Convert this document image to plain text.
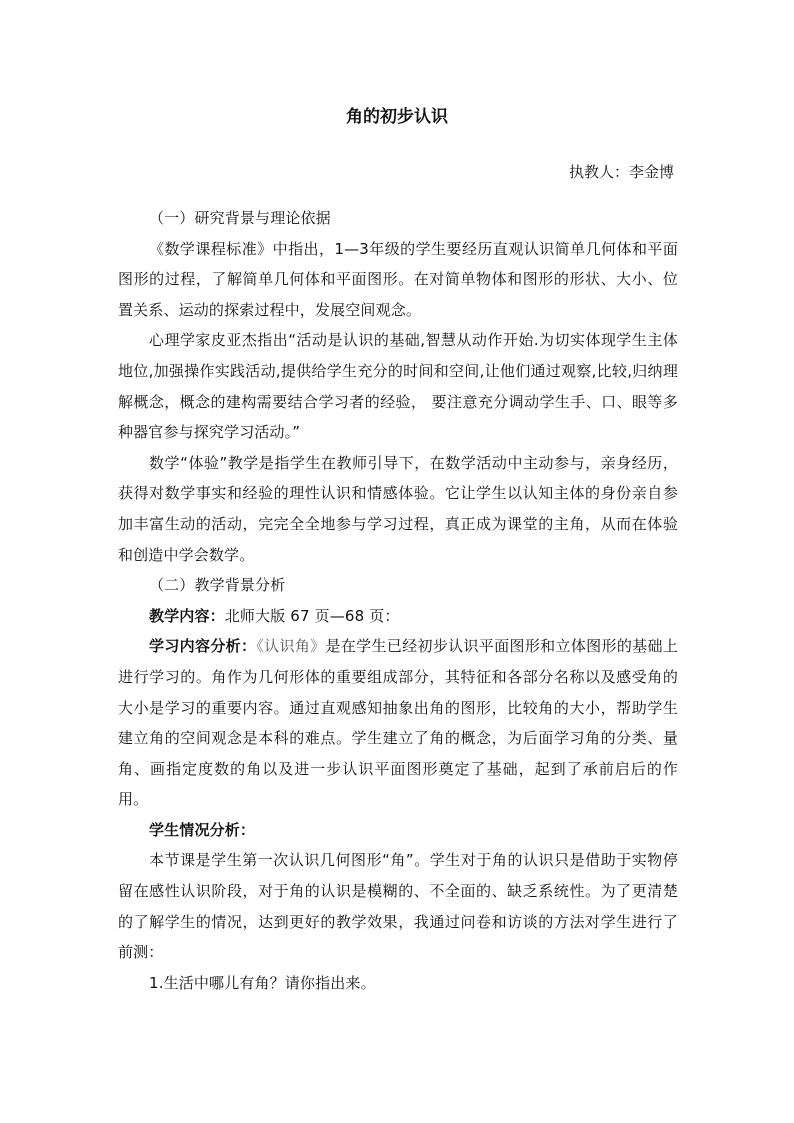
角的初步认识

执教人：李金博

（一）研究背景与理论依据

《数学课程标准》中指出，1—3年级的学生要经历直观认识简单几何体和平面图形的过程，了解简单几何体和平面图形。在对简单物体和图形的形状、大小、位置关系、运动的探索过程中，发展空间观念。

心理学家皮亚杰指出“活动是认识的基础,智慧从动作开始.为切实体现学生主体地位,加强操作实践活动,提供给学生充分的时间和空间,让他们通过观察,比较,归纳理解概念，概念的建构需要结合学习者的经验， 要注意充分调动学生手、口、眼等多种器官参与探究学习活动。”

数学“体验”教学是指学生在教师引导下，在数学活动中主动参与，亲身经历，获得对数学事实和经验的理性认识和情感体验。它让学生以认知主体的身份亲自参加丰富生动的活动，完完全全地参与学习过程，真正成为课堂的主角，从而在体验和创造中学会数学。

（二）教学背景分析

教学内容：北师大版 67 页—68 页：

学习内容分析：《认识角》是在学生已经初步认识平面图形和立体图形的基础上进行学习的。角作为几何形体的重要组成部分，其特征和各部分名称以及感受角的大小是学习的重要内容。通过直观感知抽象出角的图形，比较角的大小，帮助学生建立角的空间观念是本科的难点。学生建立了角的概念，为后面学习角的分类、量角、画指定度数的角以及进一步认识平面图形奠定了基础，起到了承前启后的作用。

学生情况分析：

本节课是学生第一次认识几何图形“角”。学生对于角的认识只是借助于实物停留在感性认识阶段，对于角的认识是模糊的、不全面的、缺乏系统性。为了更清楚的了解学生的情况，达到更好的教学效果，我通过问卷和访谈的方法对学生进行了前测：

1.生活中哪儿有角？请你指出来。
